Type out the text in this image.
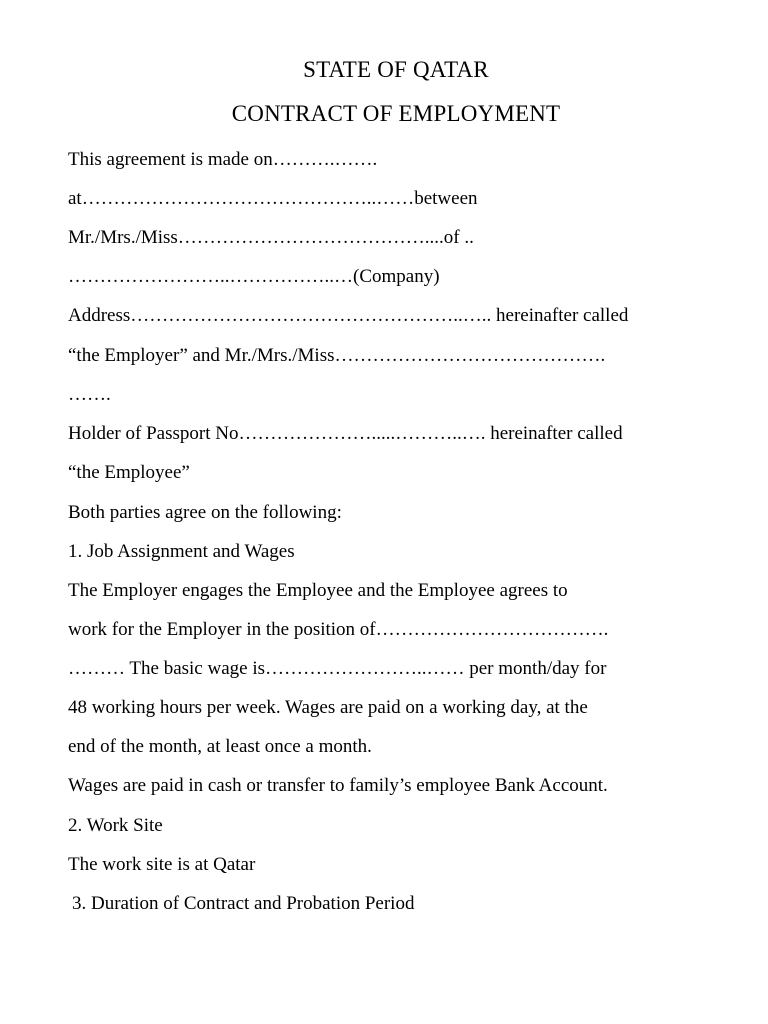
STATE OF QATAR
CONTRACT OF EMPLOYMENT
This agreement is made on……….…….
at………………………………………..……between
Mr./Mrs./Miss…………………………………....of ..
……………………..……………..…(Company)
Address……………………………………………..….. hereinafter called
“the Employer” and Mr./Mrs./Miss…………………………………….
…….
Holder of Passport No………………….....………..…. hereinafter called
“the Employee”
Both parties agree on the following:
1. Job Assignment and Wages
The Employer engages the Employee and the Employee agrees to
work for the Employer in the position of……………………………….
……… The basic wage is……………………..…… per month/day for
48 working hours per week. Wages are paid on a working day, at the
end of the month, at least once a month.
Wages are paid in cash or transfer to family’s employee Bank Account.
2. Work Site
The work site is at Qatar
3. Duration of Contract and Probation Period
